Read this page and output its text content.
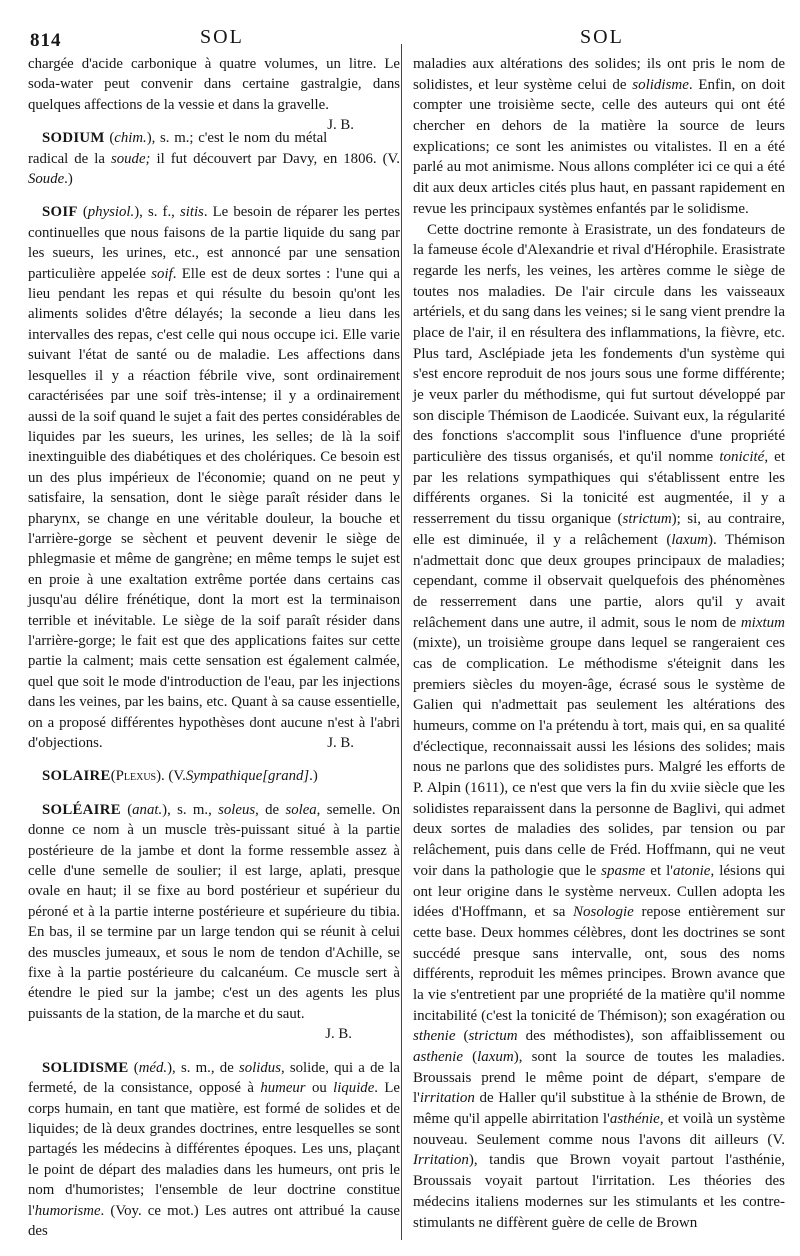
814	SOL	SOL

chargée d'acide carbonique à quatre volumes, un litre. Le soda-water peut convenir dans certaine gastralgie, dans quelques affections de la vessie et dans la gravelle.
J. B.

SODIUM (chim.), s. m.; c'est le nom du métal radical de la soude; il fut découvert par Davy, en 1806. (V. Soude.)

SOIF (physiol.), s. f., sitis. Le besoin de réparer les pertes continuelles que nous faisons de la partie liquide du sang par les sueurs, les urines, etc., est annoncé par une sensation particulière appelée soif. Elle est de deux sortes : l'une qui a lieu pendant les repas et qui résulte du besoin qu'ont les aliments solides d'être délayés; la seconde a lieu dans les intervalles des repas, c'est celle qui nous occupe ici. Elle varie suivant l'état de santé ou de maladie. Les affections dans lesquelles il y a réaction fébrile vive, sont ordinairement caractérisées par une soif très-intense; il y a ordinairement aussi de la soif quand le sujet a fait des pertes considérables de liquides par les sueurs, les urines, les selles; de là la soif inextinguible des diabétiques et des cholériques. Ce besoin est un des plus impérieux de l'économie; quand on ne peut y satisfaire, la sensation, dont le siège paraît résider dans le pharynx, se change en une véritable douleur, la bouche et l'arrière-gorge se sèchent et peuvent devenir le siège de phlegmasie et même de gangrène; en même temps le sujet est en proie à une exaltation extrême portée dans certains cas jusqu'au délire frénétique, dont la mort est la terminaison terrible et inévitable. Le siège de la soif paraît résider dans l'arrière-gorge; le fait est que des applications faites sur cette partie la calment; mais cette sensation est également calmée, quel que soit le mode d'introduction de l'eau, par les injections dans les veines, par les bains, etc. Quant à sa cause essentielle, on a proposé différentes hypothèses dont aucune n'est à l'abri d'objections.	J. B.

SOLAIRE(Plexus). (V.Sympathique[grand].)

SOLÉAIRE (anat.), s. m., soleus, de solea, semelle. On donne ce nom à un muscle très-puissant situé à la partie postérieure de la jambe et dont la forme ressemble assez à celle d'une semelle de soulier; il est large, aplati, presque ovale en haut; il se fixe au bord postérieur et supérieur du péroné et à la partie interne postérieure et supérieure du tibia. En bas, il se termine par un large tendon qui se réunit à celui des muscles jumeaux, et sous le nom de tendon d'Achille, se fixe à la partie postérieure du calcanéum. Ce muscle sert à étendre le pied sur la jambe; c'est un des agents les plus puissants de la station, de la marche et du saut.
J. B.

SOLIDISME (méd.), s. m., de solidus, solide, qui a de la fermeté, de la consistance, opposé à humeur ou liquide. Le corps humain, en tant que matière, est formé de solides et de liquides; de là deux grandes doctrines, entre lesquelles se sont partagés les médecins à différentes époques. Les uns, plaçant le point de départ des maladies dans les humeurs, ont pris le nom d'humoristes; l'ensemble de leur doctrine constitue l'humorisme. (Voy. ce mot.) Les autres ont attribué la cause des

maladies aux altérations des solides; ils ont pris le nom de solidistes, et leur système celui de solidisme. Enfin, on doit compter une troisième secte, celle des auteurs qui ont été chercher en dehors de la matière la source de leurs explications; ce sont les animistes ou vitalistes. Il en a été parlé au mot animisme. Nous allons compléter ici ce qui a été dit aux deux articles cités plus haut, en passant rapidement en revue les principaux systèmes enfantés par le solidisme.

Cette doctrine remonte à Erasistrate, un des fondateurs de la fameuse école d'Alexandrie et rival d'Hérophile. Erasistrate regarde les nerfs, les veines, les artères comme le siège de toutes nos maladies. De l'air circule dans les vaisseaux artériels, et du sang dans les veines; si le sang vient prendre la place de l'air, il en résultera des inflammations, la fièvre, etc. Plus tard, Asclépiade jeta les fondements d'un système qui s'est encore reproduit de nos jours sous une forme différente; je veux parler du méthodisme, qui fut surtout développé par son disciple Thémison de Laodicée. Suivant eux, la régularité des fonctions s'accomplit sous l'influence d'une propriété particulière des tissus organisés, et qu'il nomme tonicité, et par les relations sympathiques qui s'établissent entre les différents organes. Si la tonicité est augmentée, il y a resserrement du tissu organique (strictum); si, au contraire, elle est diminuée, il y a relâchement (laxum). Thémison n'admettait donc que deux groupes principaux de maladies; cependant, comme il observait quelquefois des phénomènes de resserrement dans une partie, alors qu'il y avait relâchement dans une autre, il admit, sous le nom de mixtum (mixte), un troisième groupe dans lequel se rangeraient ces cas de complication. Le méthodisme s'éteignit dans les premiers siècles du moyen-âge, écrasé sous le système de Galien qui n'admettait pas seulement les altérations des humeurs, comme on l'a prétendu à tort, mais qui, en sa qualité d'éclectique, reconnaissait aussi les lésions des solides; mais nous ne parlons que des solidistes purs. Malgré les efforts de P. Alpin (1611), ce n'est que vers la fin du xviie siècle que les solidistes reparaissent dans la personne de Baglivi, qui admet deux sortes de maladies des solides, par tension ou par relâchement, puis dans celle de Fréd. Hoffmann, qui ne veut voir dans la pathologie que le spasme et l'atonie, lésions qui ont leur origine dans le système nerveux. Cullen adopta les idées d'Hoffmann, et sa Nosologie repose entièrement sur cette base. Deux hommes célèbres, dont les doctrines se sont succédé presque sans intervalle, ont, sous des noms différents, reproduit les mêmes principes. Brown avance que la vie s'entretient par une propriété de la matière qu'il nomme incitabilité (c'est la tonicité de Thémison); son exagération ou sthenie (strictum des méthodistes), son affaiblissement ou asthenie (laxum), sont la source de toutes les maladies. Broussais prend le même point de départ, s'empare de l'irritation de Haller qu'il substitue à la sthénie de Brown, de même qu'il appelle abirritation l'asthénie, et voilà un système nouveau. Seulement comme nous l'avons dit ailleurs (V. Irritation), tandis que Brown voyait partout l'asthénie, Broussais voyait partout l'irritation. Les théories des médecins italiens modernes sur les stimulants et les contre-stimulants ne diffèrent guère de celle de Brown
